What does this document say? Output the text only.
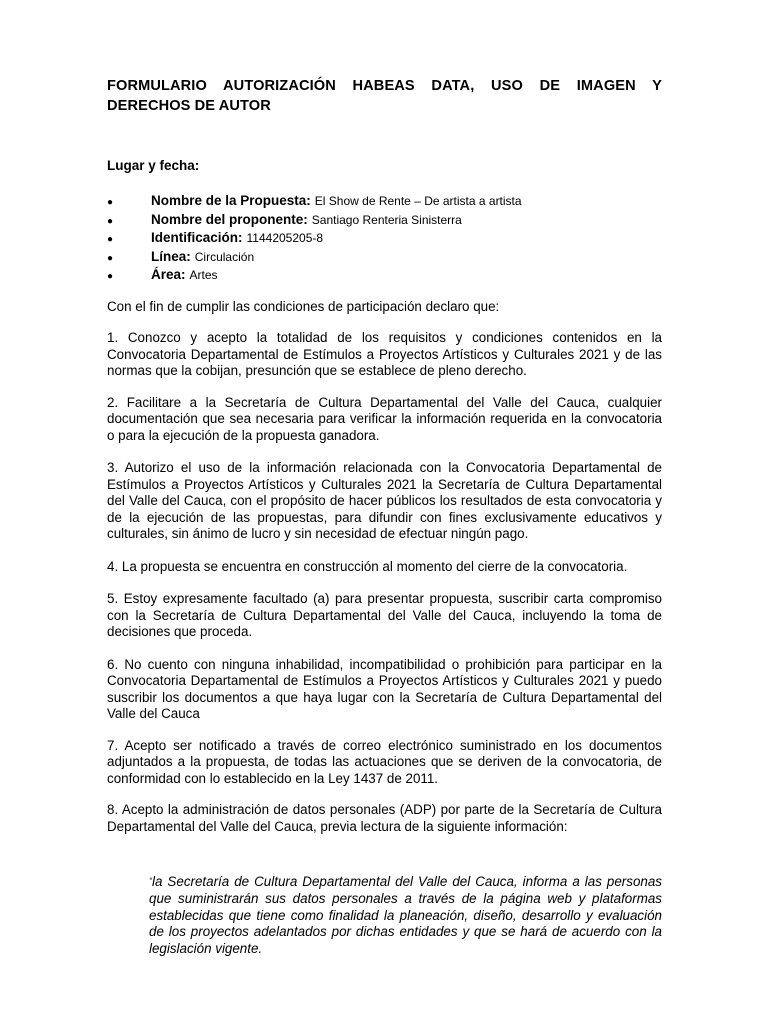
FORMULARIO AUTORIZACIÓN HABEAS DATA, USO DE IMAGEN Y
DERECHOS DE AUTOR

Lugar y fecha:

●	Nombre de la Propuesta: El Show de Rente – De artista a artista
●	Nombre del proponente: Santiago Renteria Sinisterra
●	Identificación: 1144205205-8
●	Línea: Circulación
●	Área: Artes

Con el fin de cumplir las condiciones de participación declaro que:

1. Conozco y acepto la totalidad de los requisitos y condiciones contenidos en la Convocatoria Departamental de Estímulos a Proyectos Artísticos y Culturales 2021 y de las normas que la cobijan, presunción que se establece de pleno derecho.

2. Facilitare a la Secretaría de Cultura Departamental del Valle del Cauca, cualquier documentación que sea necesaria para verificar la información requerida en la convocatoria o para la ejecución de la propuesta ganadora.

3. Autorizo el uso de la información relacionada con la Convocatoria Departamental de Estímulos a Proyectos Artísticos y Culturales 2021 la Secretaría de Cultura Departamental del Valle del Cauca, con el propósito de hacer públicos los resultados de esta convocatoria y de la ejecución de las propuestas, para difundir con fines exclusivamente educativos y culturales, sin ánimo de lucro y sin necesidad de efectuar ningún pago.

4. La propuesta se encuentra en construcción al momento del cierre de la convocatoria.

5. Estoy expresamente facultado (a) para presentar propuesta, suscribir carta compromiso con la Secretaría de Cultura Departamental del Valle del Cauca, incluyendo la toma de decisiones que proceda.

6. No cuento con ninguna inhabilidad, incompatibilidad o prohibición para participar en la Convocatoria Departamental de Estímulos a Proyectos Artísticos y Culturales 2021 y puedo suscribir los documentos a que haya lugar con la Secretaría de Cultura Departamental del Valle del Cauca

7. Acepto ser notificado a través de correo electrónico suministrado en los documentos adjuntados a la propuesta, de todas las actuaciones que se deriven de la convocatoria, de conformidad con lo establecido en la Ley 1437 de 2011.

8. Acepto la administración de datos personales (ADP) por parte de la Secretaría de Cultura Departamental del Valle del Cauca, previa lectura de la siguiente información:

“la Secretaría de Cultura Departamental del Valle del Cauca, informa a las personas que suministrarán sus datos personales a través de la página web y plataformas establecidas que tiene como finalidad la planeación, diseño, desarrollo y evaluación de los proyectos adelantados por dichas entidades y que se hará de acuerdo con la legislación vigente.
